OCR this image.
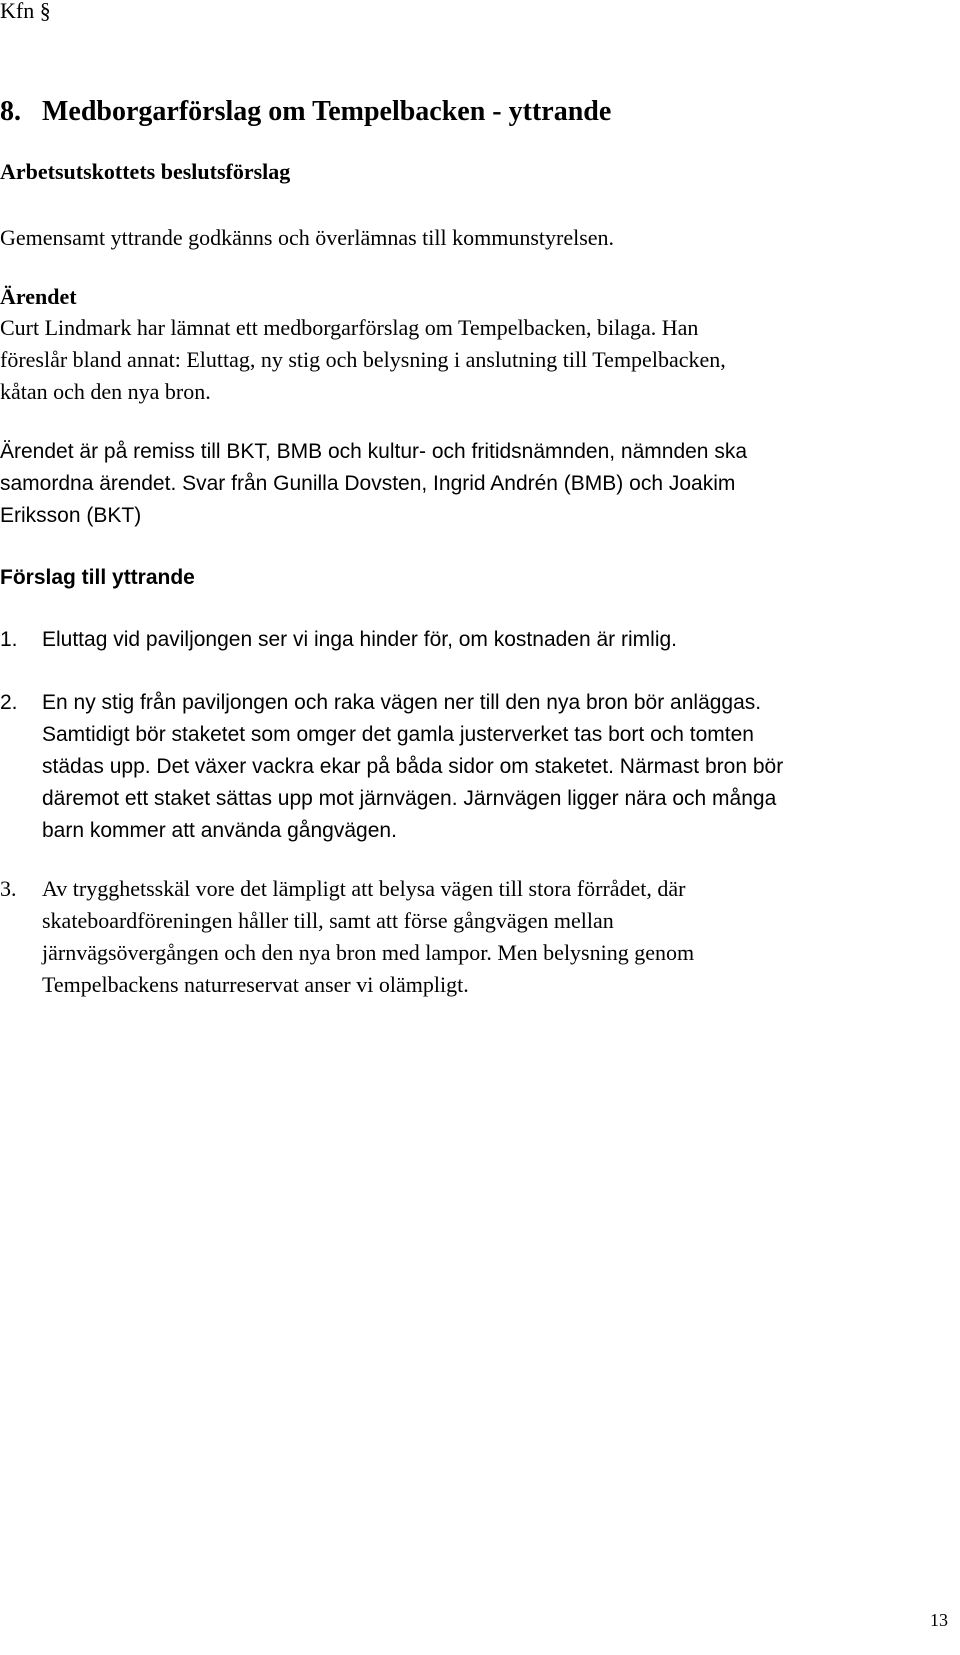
Kfn §

8. Medborgarförslag om Tempelbacken - yttrande
Arbetsutskottets beslutsförslag

Gemensamt yttrande godkänns och överlämnas till kommunstyrelsen.

Ärendet
Curt Lindmark har lämnat ett medborgarförslag om Tempelbacken, bilaga. Han
föreslår bland annat: Eluttag, ny stig och belysning i anslutning till Tempelbacken,
kåtan och den nya bron.
Ärendet är på remiss till BKT, BMB och kultur- och fritidsnämnden, nämnden ska
samordna ärendet. Svar från Gunilla Dovsten, Ingrid Andrén (BMB) och Joakim
Eriksson (BKT)
Förslag till yttrande
1. Eluttag vid paviljongen ser vi inga hinder för, om kostnaden är rimlig.
2. En ny stig från paviljongen och raka vägen ner till den nya bron bör anläggas.
Samtidigt bör staketet som omger det gamla justerverket tas bort och tomten
städas upp. Det växer vackra ekar på båda sidor om staketet. Närmast bron bör
däremot ett staket sättas upp mot järnvägen. Järnvägen ligger nära och många
barn kommer att använda gångvägen.
3. Av trygghetsskäl vore det lämpligt att belysa vägen till stora förrådet, där
skateboardföreningen håller till, samt att förse gångvägen mellan
järnvägsövergången och den nya bron med lampor. Men belysning genom
Tempelbackens naturreservat anser vi olämpligt.

13
